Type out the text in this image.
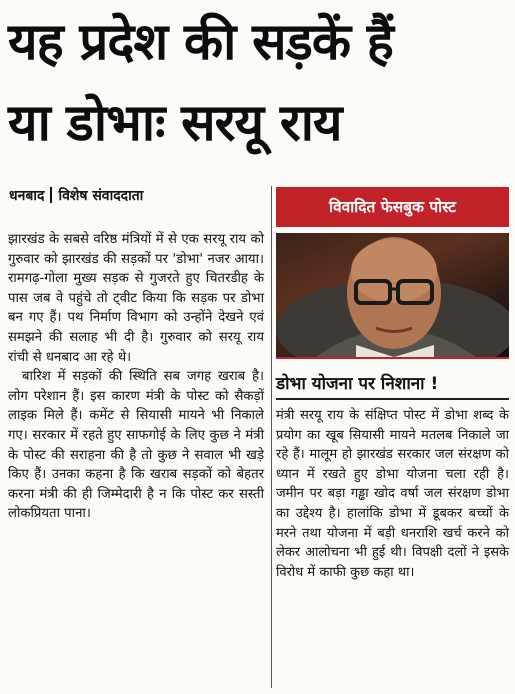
यह प्रदेश की सड़कें हैं
या डोभाः सरयू राय
धनबाद विशेष संवाददाता

झारखंड के सबसे वरिष्ठ मंत्रियों में से एक सरयू राय को गुरुवार को झारखंड की सड़कों पर 'डोभा' नजर आया। रामगढ़-गोला मुख्य सड़क से गुजरते हुए चितरडीह के पास जब वे पहुंचे तो ट्वीट किया कि सड़क पर डोभा बन गए हैं। पथ निर्माण विभाग को उन्होंने देखने एवं समझने की सलाह भी दी है। गुरुवार को सरयू राय रांची से धनबाद आ रहे थे।

बारिश में सड़कों की स्थिति सब जगह खराब है। लोग परेशान हैं। इस कारण मंत्री के पोस्ट को सैकड़ों लाइक मिले हैं। कमेंट से सियासी मायने भी निकाले गए। सरकार में रहते हुए साफगोई के लिए कुछ ने मंत्री के पोस्ट की सराहना की है तो कुछ ने सवाल भी खड़े किए हैं। उनका कहना है कि खराब सड़कों को बेहतर करना मंत्री की ही जिम्मेदारी है न कि पोस्ट कर सस्ती लोकप्रियता पाना।

विवादित फेसबुक पोस्ट
डोभा योजना पर निशाना !
मंत्री सरयू राय के संक्षिप्त पोस्ट में डोभा शब्द के प्रयोग का खूब सियासी मायने मतलब निकाले जा रहे हैं। मालूम हो झारखंड सरकार जल संरक्षण को ध्यान में रखते हुए डोभा योजना चला रही है। जमीन पर बड़ा गड्ढा खोद वर्षा जल संरक्षण डोभा का उद्देश्य है। हालांकि डोभा में डूबकर बच्चों के मरने तथा योजना में बड़ी धनराशि खर्च करने को लेकर आलोचना भी हुई थी। विपक्षी दलों ने इसके विरोध में काफी कुछ कहा था।
